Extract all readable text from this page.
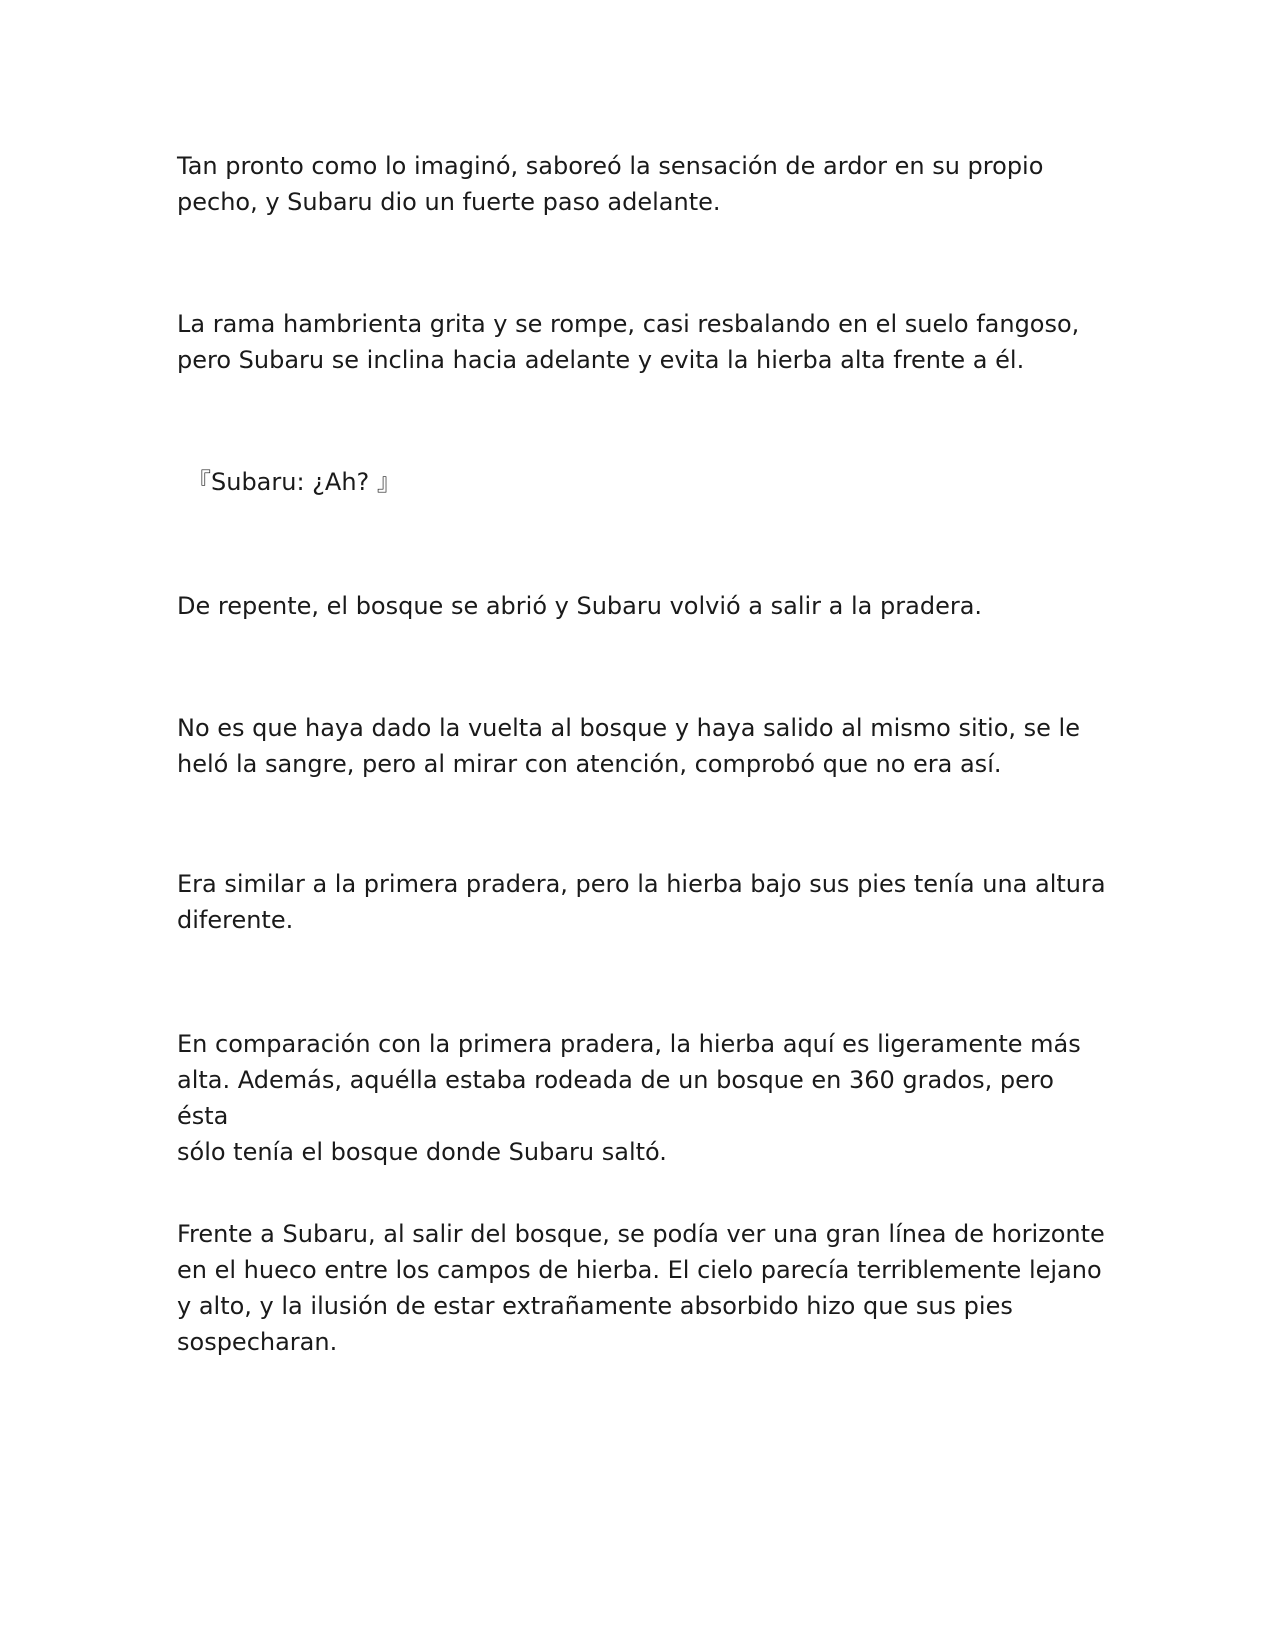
Tan pronto como lo imaginó, saboreó la sensación de ardor en su propio
pecho, y Subaru dio un fuerte paso adelante.

La rama hambrienta grita y se rompe, casi resbalando en el suelo fangoso,
pero Subaru se inclina hacia adelante y evita la hierba alta frente a él.

『Subaru: ¿Ah? 』

De repente, el bosque se abrió y Subaru volvió a salir a la pradera.

No es que haya dado la vuelta al bosque y haya salido al mismo sitio, se le
heló la sangre, pero al mirar con atención, comprobó que no era así.

Era similar a la primera pradera, pero la hierba bajo sus pies tenía una altura
diferente.

En comparación con la primera pradera, la hierba aquí es ligeramente más
alta. Además, aquélla estaba rodeada de un bosque en 360 grados, pero ésta
sólo tenía el bosque donde Subaru saltó.

Frente a Subaru, al salir del bosque, se podía ver una gran línea de horizonte
en el hueco entre los campos de hierba. El cielo parecía terriblemente lejano
y alto, y la ilusión de estar extrañamente absorbido hizo que sus pies
sospecharan.
